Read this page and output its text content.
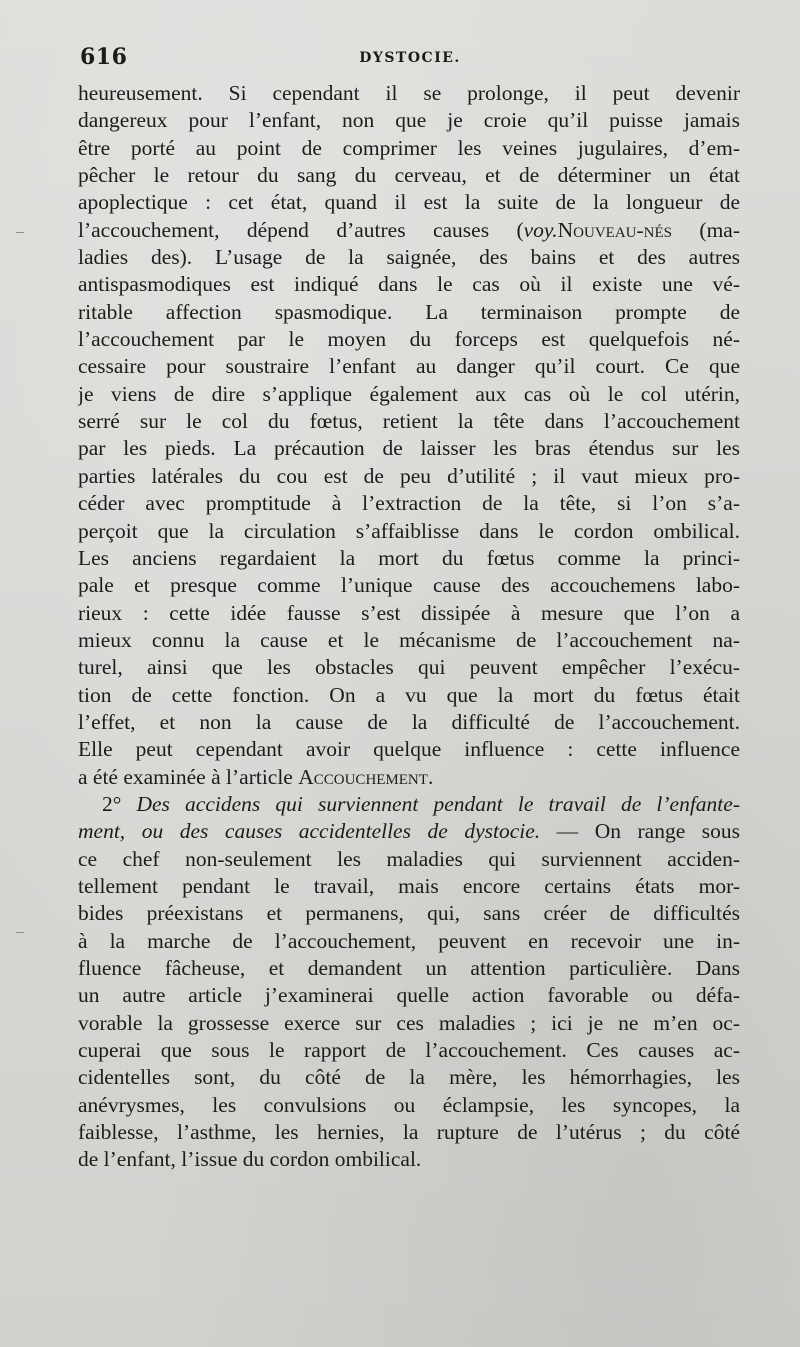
616	DYSTOCIE.
heureusement. Si cependant il se prolonge, il peut devenir
dangereux pour l’enfant, non que je croie qu’il puisse jamais
être porté au point de comprimer les veines jugulaires, d’em-
pêcher le retour du sang du cerveau, et de déterminer un état
apoplectique : cet état, quand il est la suite de la longueur de
l’accouchement, dépend d’autres causes (voy.Nouveau-nés (ma-
ladies des). L’usage de la saignée, des bains et des autres
antispasmodiques est indiqué dans le cas où il existe une vé-
ritable affection spasmodique. La terminaison prompte de
l’accouchement par le moyen du forceps est quelquefois né-
cessaire pour soustraire l’enfant au danger qu’il court. Ce que
je viens de dire s’applique également aux cas où le col utérin,
serré sur le col du fœtus, retient la tête dans l’accouchement
par les pieds. La précaution de laisser les bras étendus sur les
parties latérales du cou est de peu d’utilité ; il vaut mieux pro-
céder avec promptitude à l’extraction de la tête, si l’on s’a-
perçoit que la circulation s’affaiblisse dans le cordon ombilical.
Les anciens regardaient la mort du fœtus comme la princi-
pale et presque comme l’unique cause des accouchemens labo-
rieux : cette idée fausse s’est dissipée à mesure que l’on a
mieux connu la cause et le mécanisme de l’accouchement na-
turel, ainsi que les obstacles qui peuvent empêcher l’exécu-
tion de cette fonction. On a vu que la mort du fœtus était
l’effet, et non la cause de la difficulté de l’accouchement.
Elle peut cependant avoir quelque influence : cette influence
a été examinée à l’article Accouchement.
2° Des accidens qui surviennent pendant le travail de l’enfante-
ment, ou des causes accidentelles de dystocie. — On range sous
ce chef non-seulement les maladies qui surviennent acciden-
tellement pendant le travail, mais encore certains états mor-
bides préexistans et permanens, qui, sans créer de difficultés
à la marche de l’accouchement, peuvent en recevoir une in-
fluence fâcheuse, et demandent un attention particulière. Dans
un autre article j’examinerai quelle action favorable ou défa-
vorable la grossesse exerce sur ces maladies ; ici je ne m’en oc-
cuperai que sous le rapport de l’accouchement. Ces causes ac-
cidentelles sont, du côté de la mère, les hémorrhagies, les
anévrysmes, les convulsions ou éclampsie, les syncopes, la
faiblesse, l’asthme, les hernies, la rupture de l’utérus ; du côté
de l’enfant, l’issue du cordon ombilical.
